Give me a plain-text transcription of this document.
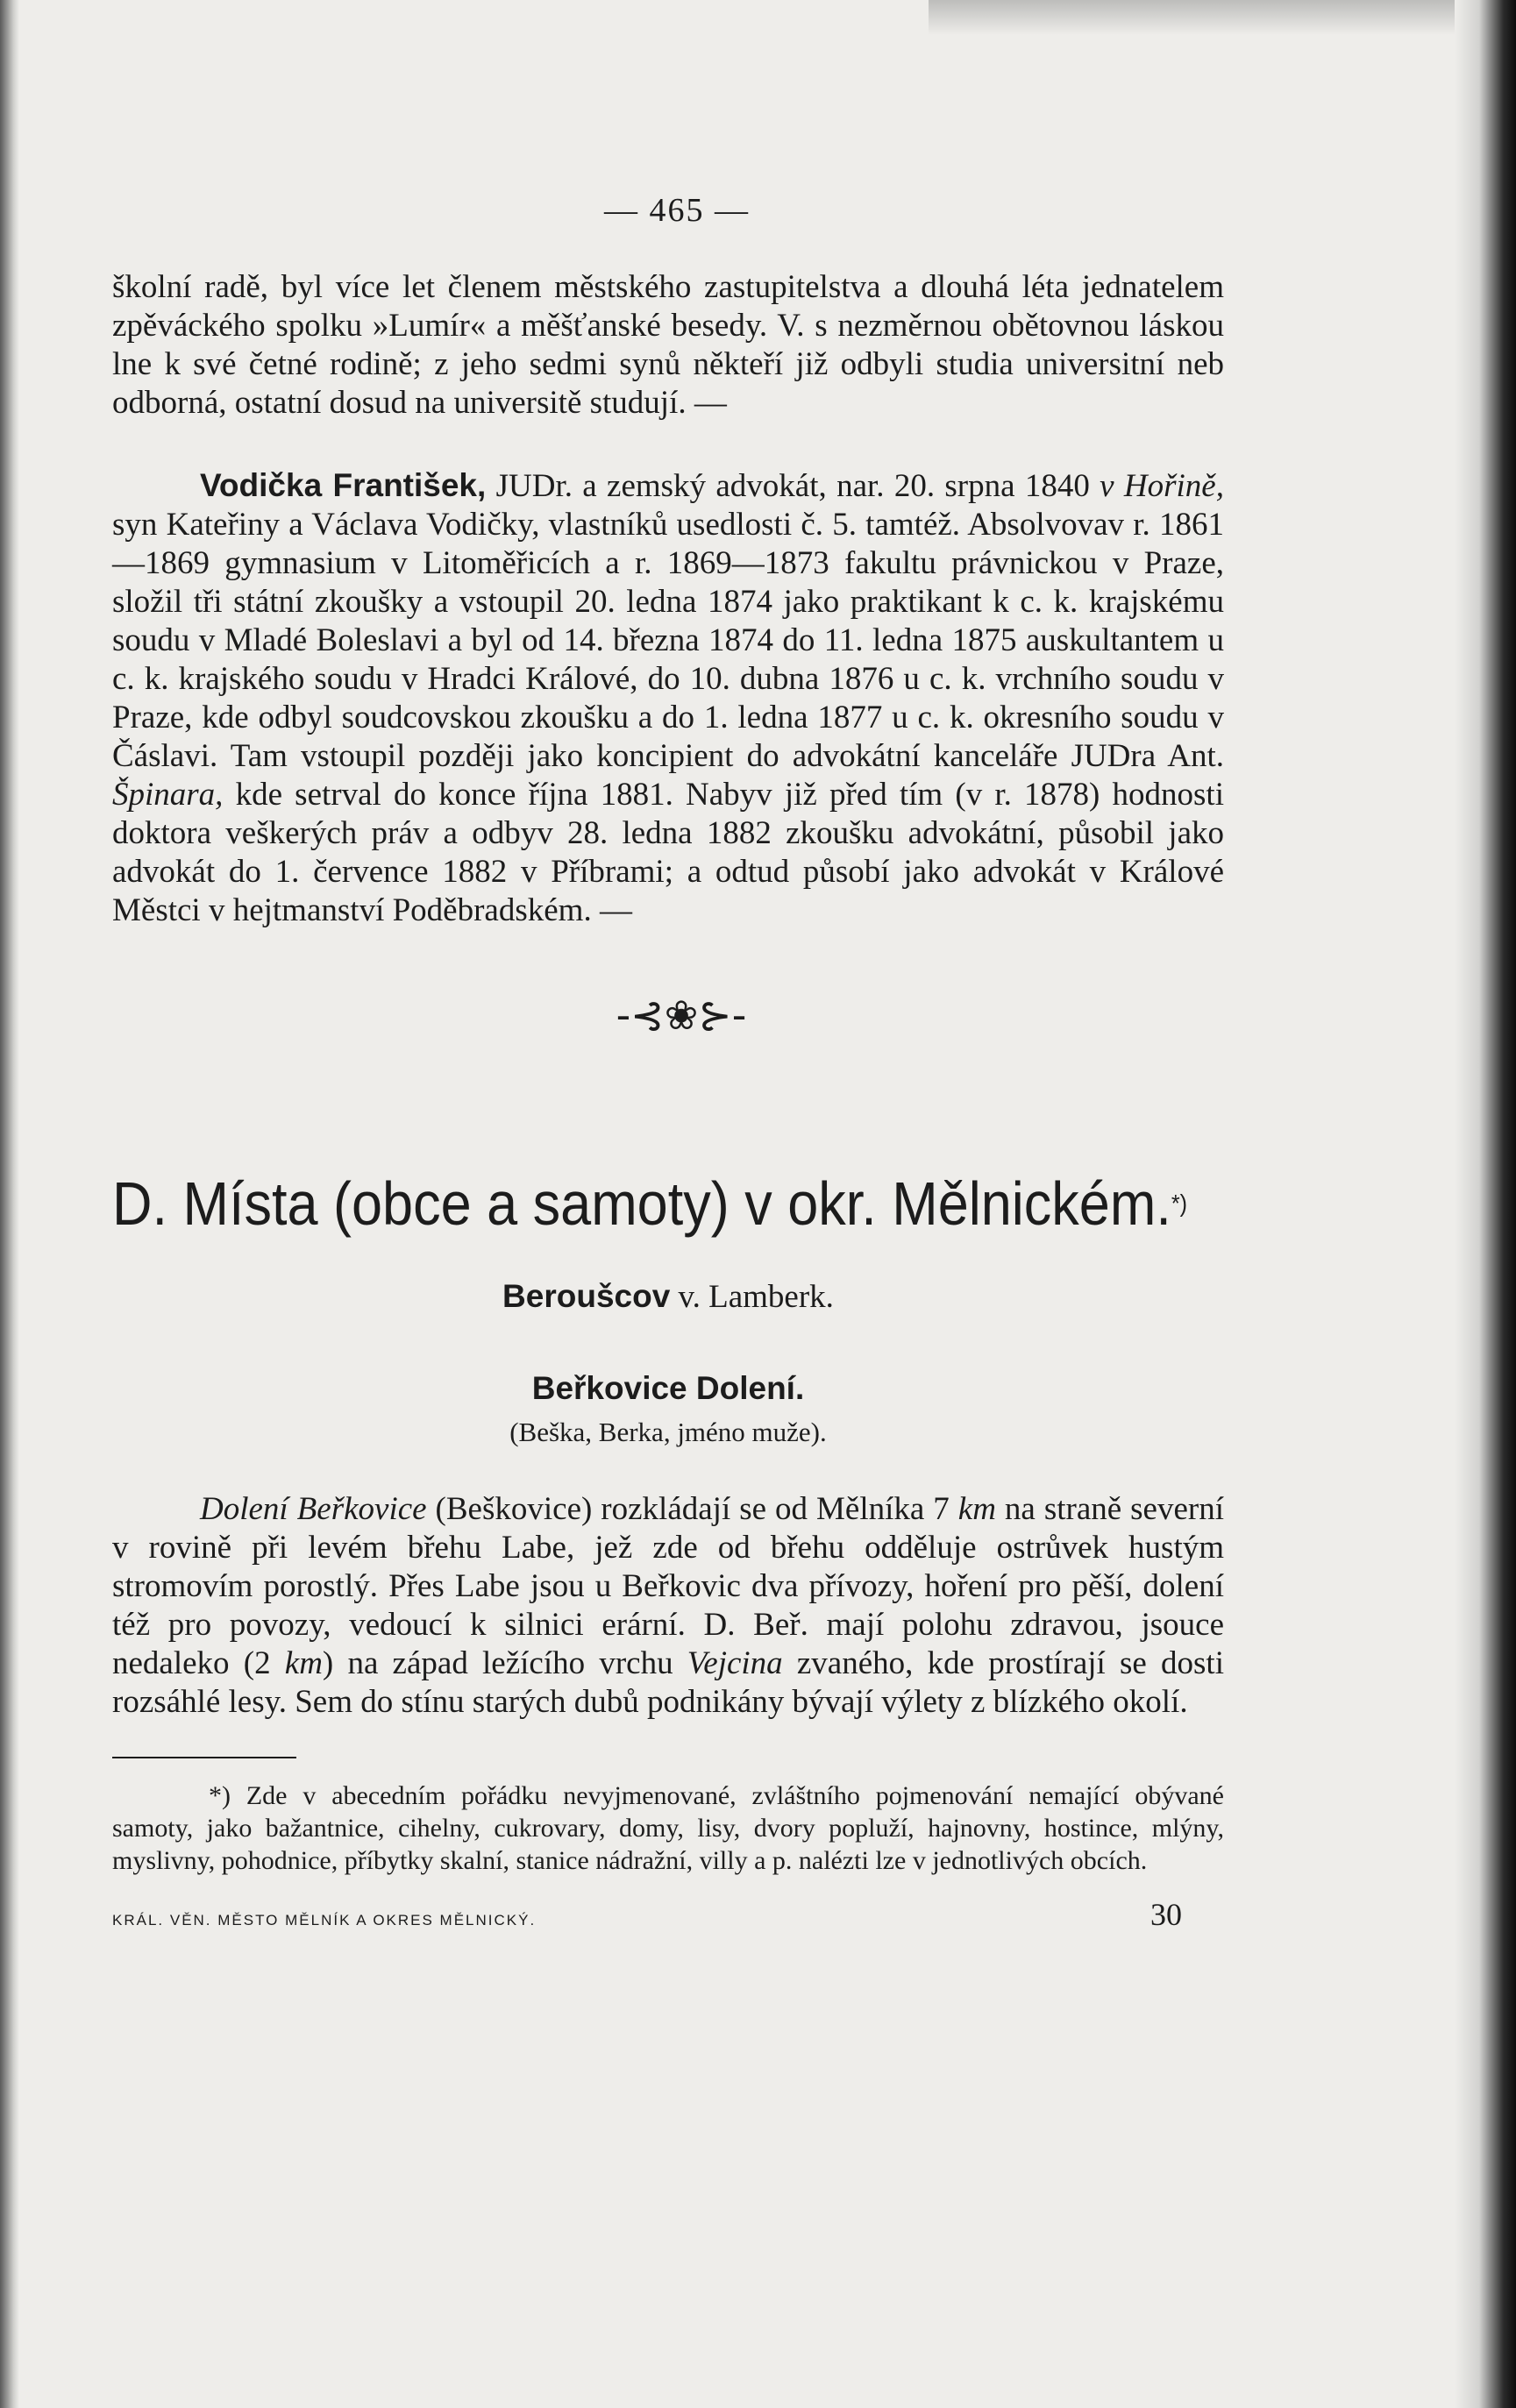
— 465 —

školní radě, byl více let členem městského zastupitelstva a dlouhá léta jednatelem zpěváckého spolku »Lumír« a měšťanské besedy. V. s nezměrnou obětovnou láskou lne k své četné rodině; z jeho sedmi synů někteří již odbyli studia universitní neb odborná, ostatní dosud na universitě studují. —

Vodička František, JUDr. a zemský advokát, nar. 20. srpna 1840 v Hořině, syn Kateřiny a Václava Vodičky, vlastníků usedlosti č. 5. tamtéž. Absolvovav r. 1861—1869 gymnasium v Litoměřicích a r. 1869—1873 fakultu právnickou v Praze, složil tři státní zkoušky a vstoupil 20. ledna 1874 jako praktikant k c. k. krajskému soudu v Mladé Boleslavi a byl od 14. března 1874 do 11. ledna 1875 auskultantem u c. k. krajského soudu v Hradci Králové, do 10. dubna 1876 u c. k. vrchního soudu v Praze, kde odbyl soudcovskou zkoušku a do 1. ledna 1877 u c. k. okresního soudu v Čáslavi. Tam vstoupil později jako koncipient do advokátní kanceláře JUDra Ant. Špinara, kde setrval do konce října 1881. Nabyv již před tím (v r. 1878) hodnosti doktora veškerých práv a odbyv 28. ledna 1882 zkoušku advokátní, působil jako advokát do 1. července 1882 v Příbrami; a odtud působí jako advokát v Králové Městci v hejtmanství Poděbradském. —

-⊰❀⊱-
D. Místa (obce a samoty) v okr. Mělnickém.*)
Beroušcov v. Lamberk.
Beřkovice Dolení.
(Beška, Berka, jméno muže).

Dolení Beřkovice (Beškovice) rozkládají se od Mělníka 7 km na straně severní v rovině při levém břehu Labe, jež zde od břehu odděluje ostrůvek hustým stromovím porostlý. Přes Labe jsou u Beřkovic dva přívozy, hoření pro pěší, dolení též pro povozy, vedoucí k silnici erární. D. Beř. mají polohu zdravou, jsouce nedaleko (2 km) na západ ležícího vrchu Vejcina zvaného, kde prostírají se dosti rozsáhlé lesy. Sem do stínu starých dubů podnikány bývají výlety z blízkého okolí.

*) Zde v abecedním pořádku nevyjmenované, zvláštního pojmenování nemající obývané samoty, jako bažantnice, cihelny, cukrovary, domy, lisy, dvory popluží, hajnovny, hostince, mlýny, myslivny, pohodnice, příbytky skalní, stanice nádražní, villy a p. nalézti lze v jednotlivých obcích.

KRÁL. VĚN. MĚSTO MĚLNÍK A OKRES MĚLNICKÝ.	30
